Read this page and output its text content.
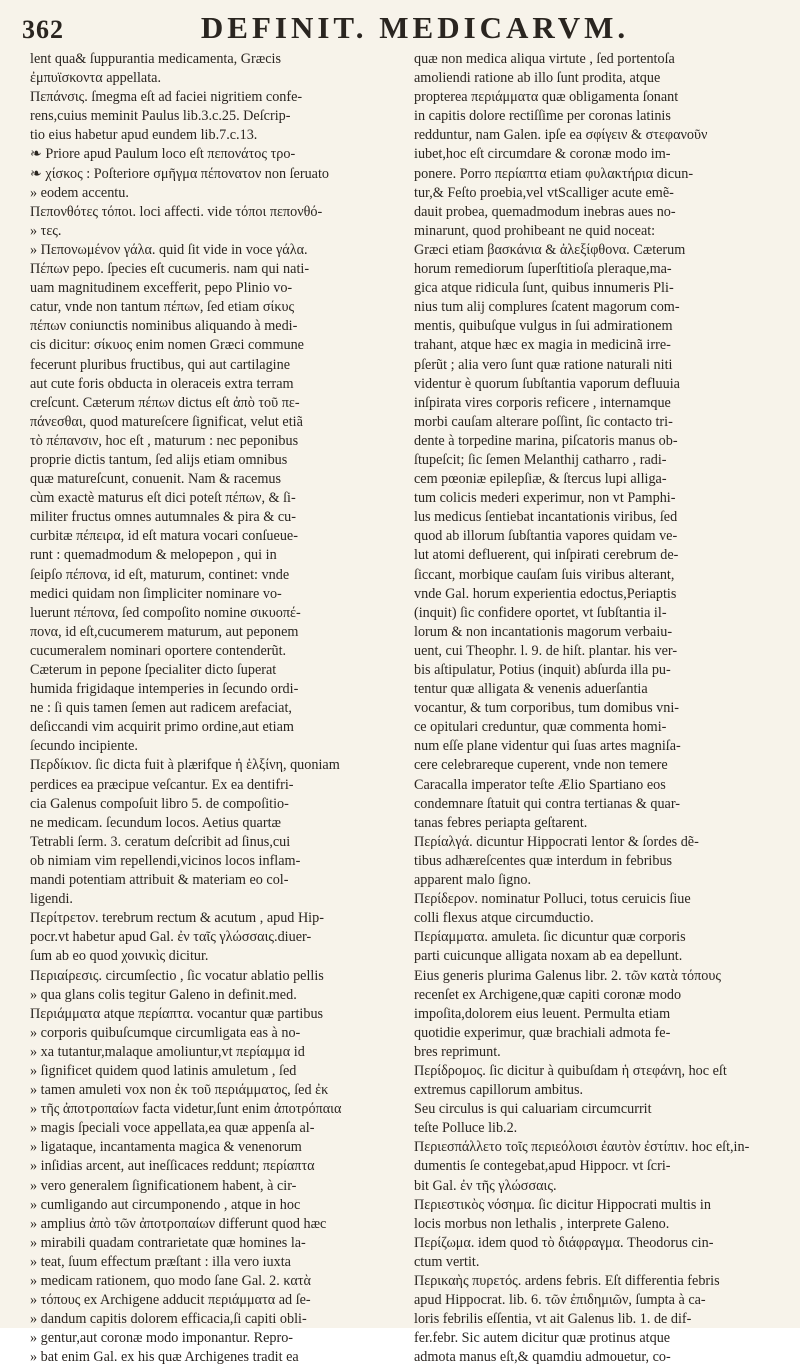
362	DEFINIT. MEDICARVM.
lent qua& ſuppurantia medicamenta, Græcis
ἐμπυϊσκοντα appellata.
Πεπάνσις. ſmegma eſt ad faciei nigritiem confe-
rens,cuius meminit Paulus lib.3.c.25. Deſcrip-
tio eius habetur apud eundem lib.7.c.13.
❧ Priore apud Paulum loco eſt πεπονάτος τρο-
❧ χίσκος : Poſteriore σμῆγμα πέπονατον non ſeruato
» eodem accentu.
Πεπονθότες τόποι. loci affecti. vide τόποι πεπονθό-
» τες.
» Πεπονωμένον γάλα. quid ſit vide in voce γάλα.
Πέπων pepo. ſpecies eſt cucumeris. nam qui nati-
uam magnitudinem excefferit, pepo Plinio vo-
catur, vnde non tantum πέπων, ſed etiam σίκυς
πέπων coniunctis nominibus aliquando à medi-
cis dicitur: σίκυος enim nomen Græci commune
fecerunt pluribus fructibus, qui aut cartilagine
aut cute foris obducta in oleraceis extra terram
creſcunt. Cæterum πέπων dictus eſt ἀπὸ τοῦ πε-
πάνεσθαι, quod matureſcere ſignificat, velut etiã
τὸ πέπανσιν, hoc eſt , maturum : nec peponibus
proprie dictis tantum, ſed alijs etiam omnibus
quæ matureſcunt, conuenit. Nam & racemus
cùm exactè maturus eſt dici poteſt πέπων, & ſi-
militer fructus omnes autumnales & pira & cu-
curbitæ πέπειρα, id eſt matura vocari conſueue-
runt : quemadmodum & melopepon , qui in
ſeipſo πέπονα, id eſt, maturum, continet: vnde
medici quidam non ſimpliciter nominare vo-
luerunt πέπονα, ſed compoſito nomine σικυοπέ-
πονα, id eſt,cucumerem maturum, aut peponem
cucumeralem nominari oportere contenderũt.
Cæterum in pepone ſpecialiter dicto ſuperat
humida frigidaque intemperies in ſecundo ordi-
ne : ſi quis tamen ſemen aut radicem arefaciat,
deſiccandi vim acquirit primo ordine,aut etiam
ſecundo incipiente.
Περδίκιον. ſic dicta fuit à plærifque ἡ ἑλξίνη, quoniam
perdices ea præcipue veſcantur. Ex ea dentifri-
cia Galenus compoſuit libro 5. de compoſitio-
ne medicam. ſecundum locos. Aetius quartæ
Tetrabli ſerm. 3. ceratum deſcribit ad ſinus,cui
ob nimiam vim repellendi,vicinos locos inflam-
mandi potentiam attribuit & materiam eo col-
ligendi.
Περίτρετον. terebrum rectum & acutum , apud Hip-
pocr.vt habetur apud Gal. ἐν ταῖς γλώσσαις.diuer-
ſum ab eo quod χοινικὶς dicitur.
Περιαίρεσις. circumſectio , ſic vocatur ablatio pellis
» qua glans colis tegitur Galeno in definit.med.
Περιάμματα atque περίαπτα. vocantur quæ partibus
» corporis quibuſcumque circumligata eas à no-
» xa tutantur,malaque amoliuntur,vt περίαμμα id
» ſignificet quidem quod latinis amuletum , ſed
» tamen amuleti vox non ἐκ τοῦ περιάμματος, ſed ἐκ
» τῆς ἀποτροπαίων facta videtur,ſunt enim ἀποτρόπαια
» magis ſpeciali voce appellata,ea quæ appenſa al-
» ligataque, incantamenta magica & venenorum
» inſidias arcent, aut ineſſicaces reddunt; περίαπτα
» vero generalem ſignificationem habent, à cir-
» cumligando aut circumponendo , atque in hoc
» amplius ἀπὸ τῶν ἀποτροπαίων differunt quod hæc
» mirabili quadam contrarietate quæ homines la-
» teat, ſuum effectum præſtant : illa vero iuxta
» medicam rationem, quo modo ſane Gal. 2. κατὰ
» τόπους ex Archigene adducit περιάμματα ad ſe-
» dandum capitis dolorem efficacia,ſi capiti obli-
» gentur,aut coronæ modo imponantur. Repro-
» bat enim Gal. ex his quæ Archigenes tradit ea
quæ non medica aliqua virtute , ſed portentoſa
amoliendi ratione ab illo ſunt prodita, atque
propterea περιάμματα quæ obligamenta ſonant
in capitis dolore rectiſſime per coronas latinis
redduntur, nam Galen. ipſe ea σφίγειν & στεφανοῦν
iubet,hoc eſt circumdare & coronæ modo im-
ponere. Porro περίαπτα etiam φυλακτήρια dicun-
tur,& Feſto proebia,vel vtScalliger acute emẽ-
dauit probea, quemadmodum inebras aues no-
minarunt, quod prohibeant ne quid noceat:
Græci etiam βασκάνια & ἀλεξίφθονα. Cæterum
horum remediorum ſuperſtitioſa pleraque,ma-
gica atque ridicula ſunt, quibus innumeris Pli-
nius tum alij complures ſcatent magorum com-
mentis, quibuſque vulgus in ſui admirationem
trahant, atque hæc ex magia in medicinã irre-
pſerũt ; alia vero ſunt quæ ratione naturali niti
videntur è quorum ſubſtantia vaporum defluuia
inſpirata vires corporis reficere , internamque
morbi cauſam alterare poſſint, ſic contacto tri-
dente à torpedine marina, piſcatoris manus ob-
ſtupeſcit; ſic ſemen Melanthij catharro , radi-
cem pœoniæ epilepſiæ, & ſtercus lupi alliga-
tum colicis mederi experimur, non vt Pamphi-
lus medicus ſentiebat incantationis viribus, ſed
quod ab illorum ſubſtantia vapores quidam ve-
lut atomi defluerent, qui inſpirati cerebrum de-
ſiccant, morbique cauſam ſuis viribus alterant,
vnde Gal. horum experientia edoctus,Periaptis
(inquit) ſic confidere oportet, vt ſubſtantia il-
lorum & non incantationis magorum verbaiu-
uent, cui Theophr. l. 9. de hiſt. plantar. his ver-
bis aſtipulatur, Potius (inquit) abſurda illa pu-
tentur quæ alligata & venenis aduerſantia
vocantur, & tum corporibus, tum domibus vni-
ce opitulari creduntur, quæ commenta homi-
num eſſe plane videntur qui ſuas artes magniſa-
cere celebrareque cuperent, vnde non temere
Caracalla imperator teſte Ælio Spartiano eos
condemnare ſtatuit qui contra tertianas & quar-
tanas febres periapta geſtarent.
Περίαλγά. dicuntur Hippocrati lentor & ſordes dẽ-
tibus adhæreſcentes quæ interdum in febribus
apparent malo ſigno.
Περίδερον. nominatur Polluci, totus ceruicis ſiue
colli flexus atque circumductio.
Περίαμματα. amuleta. ſic dicuntur quæ corporis
parti cuicunque alligata noxam ab ea depellunt.
Eius generis plurima Galenus libr. 2. τῶν κατὰ τόπους
recenſet ex Archigene,quæ capiti coronæ modo
impoſita,dolorem eius leuent. Permulta etiam
quotidie experimur, quæ brachiali admota fe-
bres reprimunt.
Περίδρομος. ſic dicitur à quibuſdam ἡ στεφάνη, hoc eſt
extremus capillorum ambitus.
Seu circulus is qui caluariam circumcurrit
teſte Polluce lib.2.
Περιεσπάλλετο τοῖς περιεόλοισι ἐαυτὸν ἐστίπιν. hoc eſt,in-
dumentis ſe contegebat,apud Hippocr. vt ſcri-
bit Gal. ἐν τῆς γλώσσαις.
Περιεστικὸς νόσημα. ſic dicitur Hippocrati multis in
locis morbus non lethalis , interprete Galeno.
Περίζωμα. idem quod τὸ διάφραγμα. Theodorus cin-
ctum vertit.
Περικαὴς πυρετός. ardens febris. Eſt differentia febris
apud Hippocrat. lib. 6. τῶν ἐπιδημιῶν, ſumpta à ca-
loris febrilis eſſentia, vt ait Galenus lib. 1. de dif-
fer.febr. Sic autem dicitur quæ protinus atque
admota manus eſt,& quamdiu admouetur, co-
